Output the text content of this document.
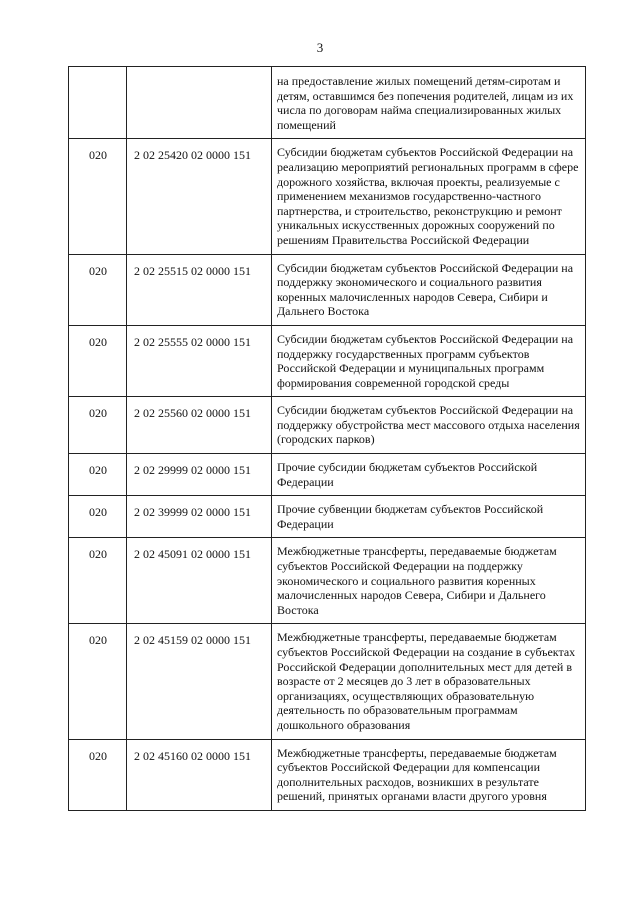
3
		на предоставление жилых помещений детям-сиротам и детям, оставшимся без попечения родителей, лицам из их числа по договорам найма специализированных жилых помещений
020	2 02 25420 02 0000 151	Субсидии бюджетам субъектов Российской Федерации на реализацию мероприятий региональных программ в сфере дорожного хозяйства, включая проекты, реализуемые с применением механизмов государственно-частного партнерства, и строительство, реконструкцию и ремонт уникальных искусственных дорожных сооружений по решениям Правительства Российской Федерации
020	2 02 25515 02 0000 151	Субсидии бюджетам субъектов Российской Федерации на поддержку экономического и социального развития коренных малочисленных народов Севера, Сибири и Дальнего Востока
020	2 02 25555 02 0000 151	Субсидии бюджетам субъектов Российской Федерации на поддержку государственных программ субъектов Российской Федерации и муниципальных программ формирования современной городской среды
020	2 02 25560 02 0000 151	Субсидии бюджетам субъектов Российской Федерации на поддержку обустройства мест массового отдыха населения (городских парков)
020	2 02 29999 02 0000 151	Прочие субсидии бюджетам субъектов Российской Федерации
020	2 02 39999 02 0000 151	Прочие субвенции бюджетам субъектов Российской Федерации
020	2 02 45091 02 0000 151	Межбюджетные трансферты, передаваемые бюджетам субъектов Российской Федерации на поддержку экономического и социального развития коренных малочисленных народов Севера, Сибири и Дальнего Востока
020	2 02 45159 02 0000 151	Межбюджетные трансферты, передаваемые бюджетам субъектов Российской Федерации на создание в субъектах Российской Федерации дополнительных мест для детей в возрасте от 2 месяцев до 3 лет в образовательных организациях, осуществляющих образовательную деятельность по образовательным программам дошкольного образования
020	2 02 45160 02 0000 151	Межбюджетные трансферты, передаваемые бюджетам субъектов Российской Федерации для компенсации дополнительных расходов, возникших в результате решений, принятых органами власти другого уровня
